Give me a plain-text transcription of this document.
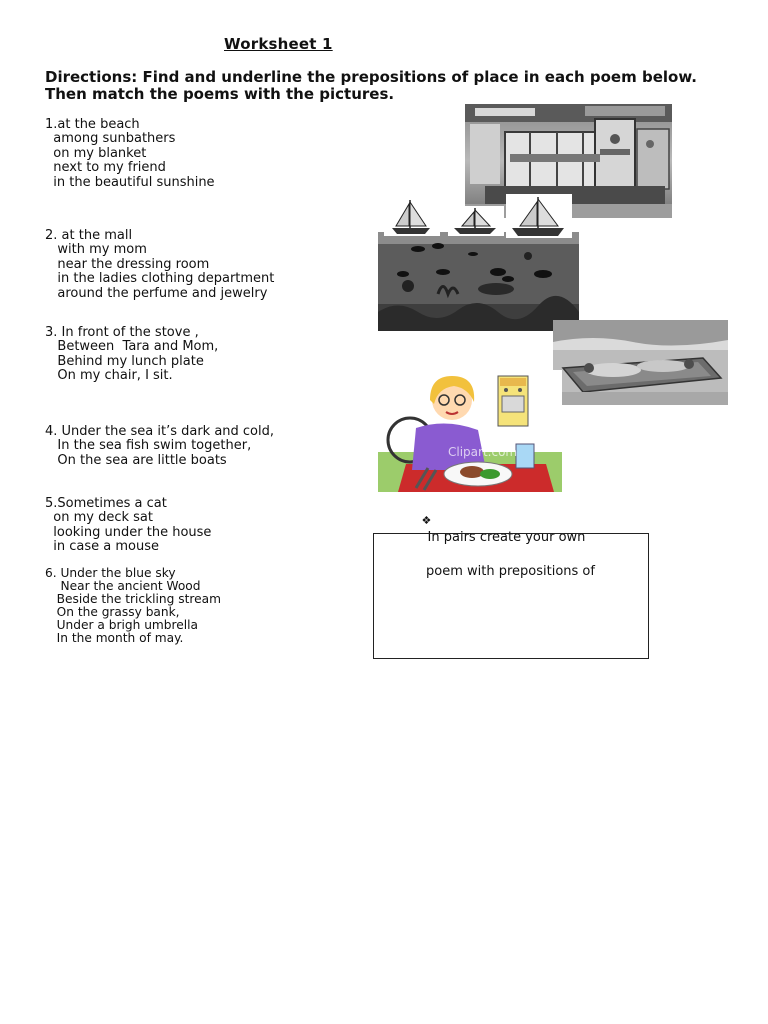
Worksheet 1
Directions: Find and underline the prepositions of place in each poem below.
Then match the poems with the pictures.
1.at the beach
among sunbathers
on my blanket
next to my friend
in the beautiful sunshine
2. at the mall
with my mom
near the dressing room
in the ladies clothing department
around the perfume and jewelry
3. In front of the stove ,
Between  Tara and Mom,
Behind my lunch plate
On my chair, I sit.
4. Under the sea it’s dark and cold,
In the sea fish swim together,
On the sea are little boats
5.Sometimes a cat
on my deck sat
looking under the house
in case a mouse
6. Under the blue sky
Near the ancient Wood
Beside the trickling stream
On the grassy bank,
Under a brigh umbrella
In the month of may.
Clipart.com

❖
In pairs create your own

poem with prepositions of
